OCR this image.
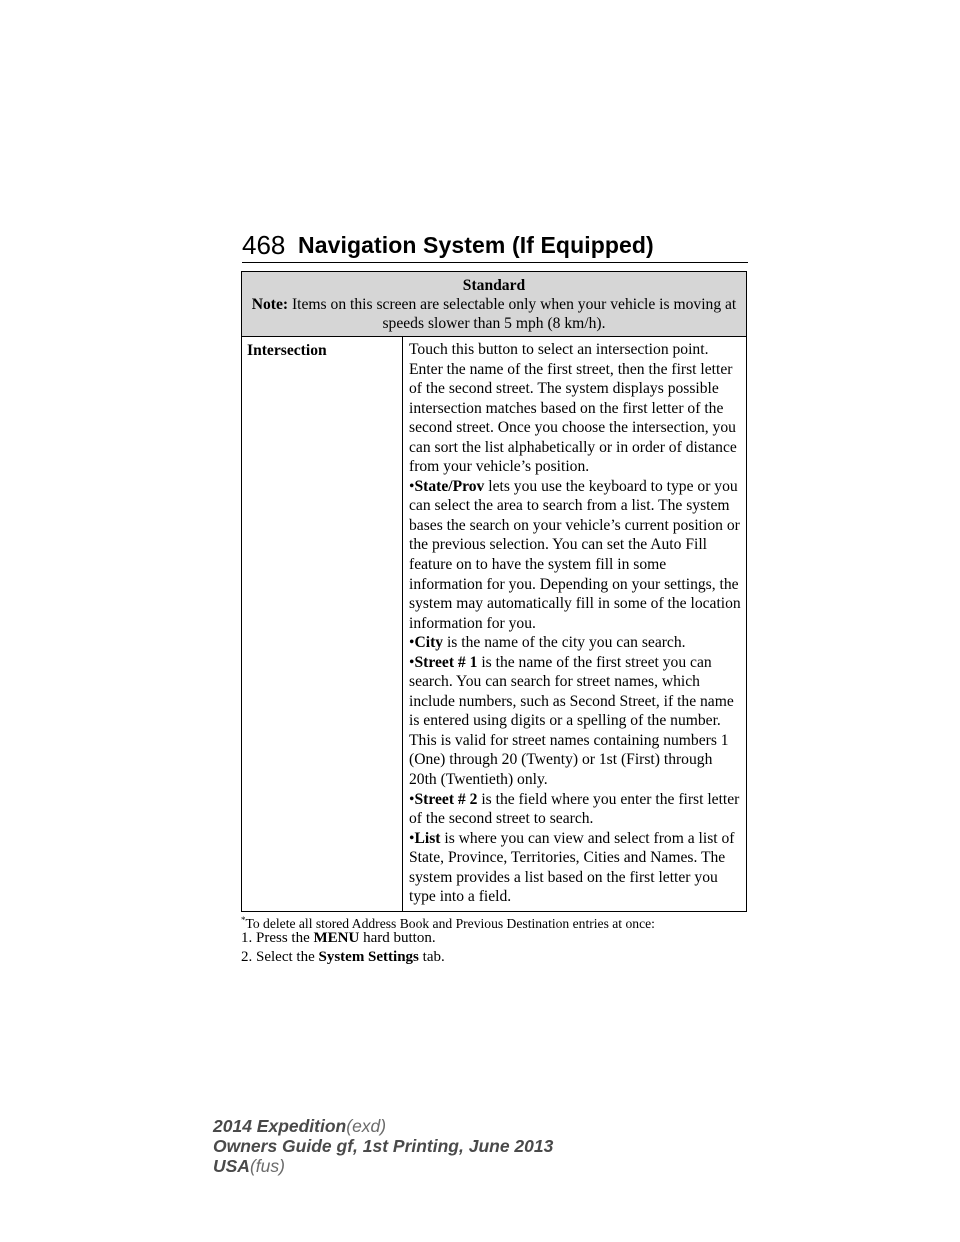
468 Navigation System (If Equipped)
Standard
Note: Items on this screen are selectable only when your vehicle is moving at speeds slower than 5 mph (8 km/h).
Intersection	Touch this button to select an intersection point. Enter the name of the first street, then the first letter of the second street. The system displays possible intersection matches based on the first letter of the second street. Once you choose the intersection, you can sort the list alphabetically or in order of distance from your vehicle’s position.

•State/Prov lets you use the keyboard to type or you can select the area to search from a list. The system bases the search on your vehicle’s current position or the previous selection. You can set the Auto Fill feature on to have the system fill in some information for you. Depending on your settings, the system may automatically fill in some of the location information for you.

•City is the name of the city you can search.

•Street # 1 is the name of the first street you can search. You can search for street names, which include numbers, such as Second Street, if the name is entered using digits or a spelling of the number. This is valid for street names containing numbers 1 (One) through 20 (Twenty) or 1st (First) through 20th (Twentieth) only.

•Street # 2 is the field where you enter the first letter of the second street to search.

•List is where you can view and select from a list of State, Province, Territories, Cities and Names. The system provides a list based on the first letter you type into a field.

*To delete all stored Address Book and Previous Destination entries at once:
1. Press the MENU hard button.
2. Select the System Settings tab.
2014 Expedition(exd)
Owners Guide gf, 1st Printing, June 2013
USA(fus)
